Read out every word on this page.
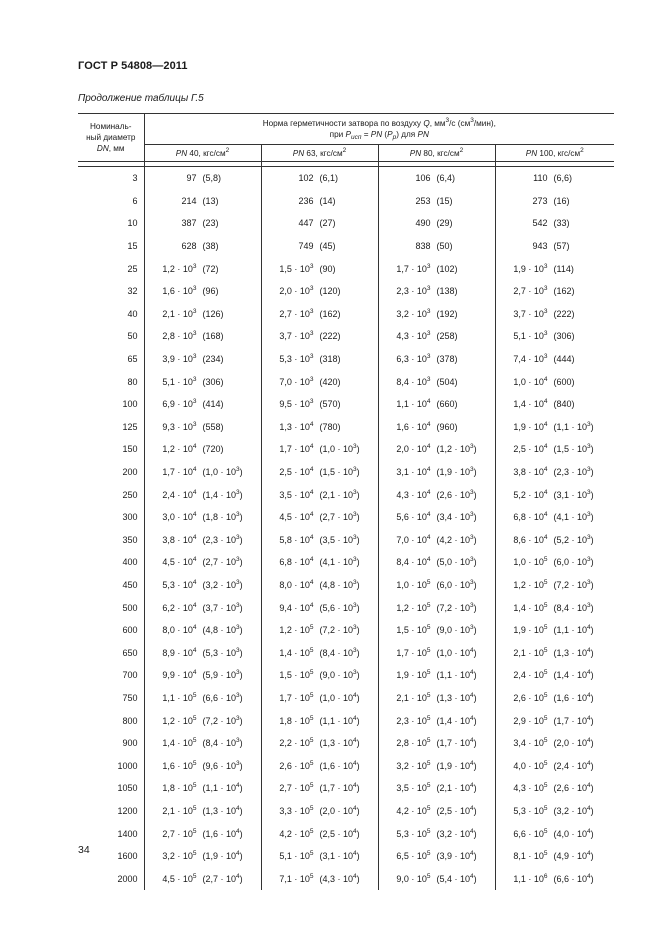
ГОСТ Р 54808—2011
Продолжение таблицы Г.5
Номиналь-
ный диаметр
DN, мм	Норма герметичности затвора по воздуху Q, $мм^3/с$ $(см^3/мин)$,
при $P_{исп}$ = PN $(P_p)$ для PN			
	PN 40, кгс/$см^2$	PN 63, кгс/$см^2$	PN 80, кгс/$см^2$	PN 100, кгс/$см^2$

3	97 (5,8)	102 (6,1)	106 (6,4)	110 (6,6)

6	214 (13)	236 (14)	253 (15)	273 (16)

10	387 (23)	447 (27)	490 (29)	542 (33)

15	628 (38)	749 (45)	838 (50)	943 (57)

25	$1,2 \cdot 10^3$ (72)	$1,5 \cdot 10^3$ (90)	$1,7 \cdot 10^3$ (102)	$1,9 \cdot 10^3$ (114)

32	$1,6 \cdot 10^3$ (96)	$2,0 \cdot 10^3$ (120)	$2,3 \cdot 10^3$ (138)	$2,7 \cdot 10^3$ (162)

40	$2,1 \cdot 10^3$ (126)	$2,7 \cdot 10^3$ (162)	$3,2 \cdot 10^3$ (192)	$3,7 \cdot 10^3$ (222)

50	$2,8 \cdot 10^3$ (168)	$3,7 \cdot 10^3$ (222)	$4,3 \cdot 10^3$ (258)	$5,1 \cdot 10^3$ (306)

65	$3,9 \cdot 10^3$ (234)	$5,3 \cdot 10^3$ (318)	$6,3 \cdot 10^3$ (378)	$7,4 \cdot 10^3$ (444)

80	$5,1 \cdot 10^3$ (306)	$7,0 \cdot 10^3$ (420)	$8,4 \cdot 10^3$ (504)	$1,0 \cdot 10^4$ (600)

100	$6,9 \cdot 10^3$ (414)	$9,5 \cdot 10^3$ (570)	$1,1 \cdot 10^4$ (660)	$1,4 \cdot 10^4$ (840)

125	$9,3 \cdot 10^3$ (558)	$1,3 \cdot 10^4$ (780)	$1,6 \cdot 10^4$ (960)	$1,9 \cdot 10^4$ $(1,1 \cdot 10^3)$

150	$1,2 \cdot 10^4$ (720)	$1,7 \cdot 10^4$ $(1,0 \cdot 10^3)$	$2,0 \cdot 10^4$ $(1,2 \cdot 10^3)$	$2,5 \cdot 10^4$ $(1,5 \cdot 10^3)$

200	$1,7 \cdot 10^4$ $(1,0 \cdot 10^3)$	$2,5 \cdot 10^4$ $(1,5 \cdot 10^3)$	$3,1 \cdot 10^4$ $(1,9 \cdot 10^3)$	$3,8 \cdot 10^4$ $(2,3 \cdot 10^3)$

250	$2,4 \cdot 10^4$ $(1,4 \cdot 10^3)$	$3,5 \cdot 10^4$ $(2,1 \cdot 10^3)$	$4,3 \cdot 10^4$ $(2,6 \cdot 10^3)$	$5,2 \cdot 10^4$ $(3,1 \cdot 10^3)$

300	$3,0 \cdot 10^4$ $(1,8 \cdot 10^3)$	$4,5 \cdot 10^4$ $(2,7 \cdot 10^3)$	$5,6 \cdot 10^4$ $(3,4 \cdot 10^3)$	$6,8 \cdot 10^4$ $(4,1 \cdot 10^3)$

350	$3,8 \cdot 10^4$ $(2,3 \cdot 10^3)$	$5,8 \cdot 10^4$ $(3,5 \cdot 10^3)$	$7,0 \cdot 10^4$ $(4,2 \cdot 10^3)$	$8,6 \cdot 10^4$ $(5,2 \cdot 10^3)$

400	$4,5 \cdot 10^4$ $(2,7 \cdot 10^3)$	$6,8 \cdot 10^4$ $(4,1 \cdot 10^3)$	$8,4 \cdot 10^4$ $(5,0 \cdot 10^3)$	$1,0 \cdot 10^5$ $(6,0 \cdot 10^3)$

450	$5,3 \cdot 10^4$ $(3,2 \cdot 10^3)$	$8,0 \cdot 10^4$ $(4,8 \cdot 10^3)$	$1,0 \cdot 10^5$ $(6,0 \cdot 10^3)$	$1,2 \cdot 10^5$ $(7,2 \cdot 10^3)$

500	$6,2 \cdot 10^4$ $(3,7 \cdot 10^3)$	$9,4 \cdot 10^4$ $(5,6 \cdot 10^3)$	$1,2 \cdot 10^5$ $(7,2 \cdot 10^3)$	$1,4 \cdot 10^5$ $(8,4 \cdot 10^3)$

600	$8,0 \cdot 10^4$ $(4,8 \cdot 10^3)$	$1,2 \cdot 10^5$ $(7,2 \cdot 10^3)$	$1,5 \cdot 10^5$ $(9,0 \cdot 10^3)$	$1,9 \cdot 10^5$ $(1,1 \cdot 10^4)$

650	$8,9 \cdot 10^4$ $(5,3 \cdot 10^3)$	$1,4 \cdot 10^5$ $(8,4 \cdot 10^3)$	$1,7 \cdot 10^5$ $(1,0 \cdot 10^4)$	$2,1 \cdot 10^5$ $(1,3 \cdot 10^4)$

700	$9,9 \cdot 10^4$ $(5,9 \cdot 10^3)$	$1,5 \cdot 10^5$ $(9,0 \cdot 10^3)$	$1,9 \cdot 10^5$ $(1,1 \cdot 10^4)$	$2,4 \cdot 10^5$ $(1,4 \cdot 10^4)$

750	$1,1 \cdot 10^5$ $(6,6 \cdot 10^3)$	$1,7 \cdot 10^5$ $(1,0 \cdot 10^4)$	$2,1 \cdot 10^5$ $(1,3 \cdot 10^4)$	$2,6 \cdot 10^5$ $(1,6 \cdot 10^4)$

800	$1,2 \cdot 10^5$ $(7,2 \cdot 10^3)$	$1,8 \cdot 10^5$ $(1,1 \cdot 10^4)$	$2,3 \cdot 10^5$ $(1,4 \cdot 10^4)$	$2,9 \cdot 10^5$ $(1,7 \cdot 10^4)$

900	$1,4 \cdot 10^5$ $(8,4 \cdot 10^3)$	$2,2 \cdot 10^5$ $(1,3 \cdot 10^4)$	$2,8 \cdot 10^5$ $(1,7 \cdot 10^4)$	$3,4 \cdot 10^5$ $(2,0 \cdot 10^4)$

1000	$1,6 \cdot 10^5$ $(9,6 \cdot 10^3)$	$2,6 \cdot 10^5$ $(1,6 \cdot 10^4)$	$3,2 \cdot 10^5$ $(1,9 \cdot 10^4)$	$4,0 \cdot 10^5$ $(2,4 \cdot 10^4)$

1050	$1,8 \cdot 10^5$ $(1,1 \cdot 10^4)$	$2,7 \cdot 10^5$ $(1,7 \cdot 10^4)$	$3,5 \cdot 10^5$ $(2,1 \cdot 10^4)$	$4,3 \cdot 10^5$ $(2,6 \cdot 10^4)$

1200	$2,1 \cdot 10^5$ $(1,3 \cdot 10^4)$	$3,3 \cdot 10^5$ $(2,0 \cdot 10^4)$	$4,2 \cdot 10^5$ $(2,5 \cdot 10^4)$	$5,3 \cdot 10^5$ $(3,2 \cdot 10^4)$

1400	$2,7 \cdot 10^5$ $(1,6 \cdot 10^4)$	$4,2 \cdot 10^5$ $(2,5 \cdot 10^4)$	$5,3 \cdot 10^5$ $(3,2 \cdot 10^4)$	$6,6 \cdot 10^5$ $(4,0 \cdot 10^4)$

1600	$3,2 \cdot 10^5$ $(1,9 \cdot 10^4)$	$5,1 \cdot 10^5$ $(3,1 \cdot 10^4)$	$6,5 \cdot 10^5$ $(3,9 \cdot 10^4)$	$8,1 \cdot 10^5$ $(4,9 \cdot 10^4)$

2000	$4,5 \cdot 10^5$ $(2,7 \cdot 10^4)$	$7,1 \cdot 10^5$ $(4,3 \cdot 10^4)$	$9,0 \cdot 10^5$ $(5,4 \cdot 10^4)$	$1,1 \cdot 10^6$ $(6,6 \cdot 10^4)$
34
